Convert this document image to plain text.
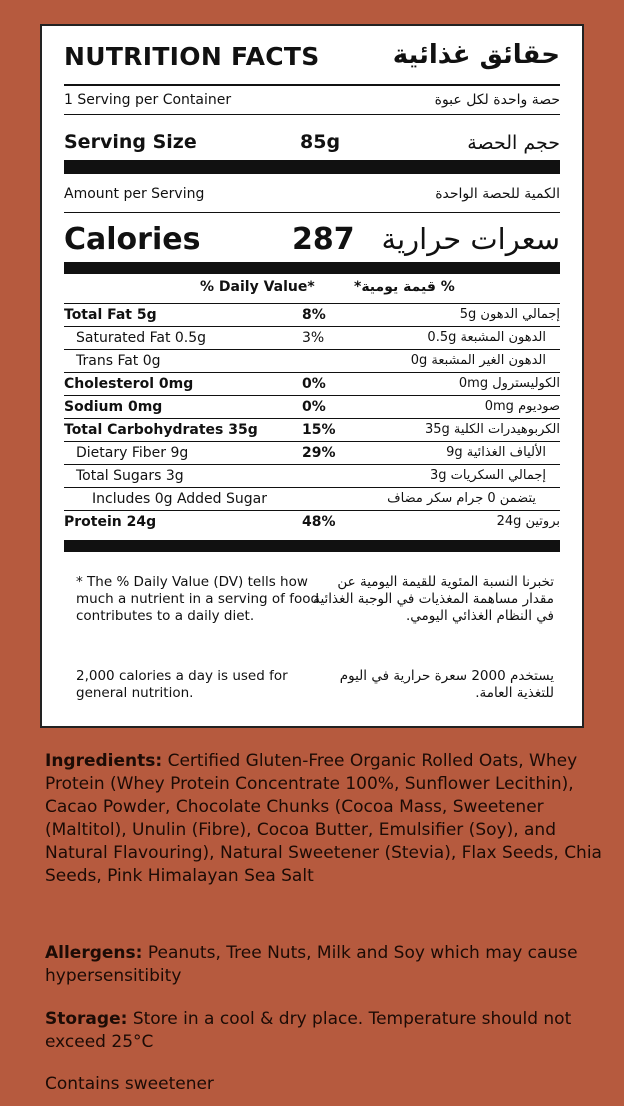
NUTRITION FACTS	حقائق غذائية
1 Serving per Container	حصة واحدة لكل عبوة
Serving Size	85g	حجم الحصة
Amount per Serving	الكمية للحصة الواحدة
Calories	287 سعرات حرارية
% Daily Value*	% قيمة يومية*
Total Fat 5g	8%	إجمالي الدهون 5g
Saturated Fat 0.5g	3%	الدهون المشبعة 0.5g
Trans Fat 0g	الدهون الغير المشبعة 0g
Cholesterol 0mg	0%	الكوليسترول 0mg
Sodium 0mg	0%	صوديوم 0mg
Total Carbohydrates 35g	15%	الكربوهيدرات الكلية 35g
Dietary Fiber 9g	29%	الألياف الغذائية 9g
Total Sugars 3g	إجمالي السكريات 3g
Includes 0g Added Sugar	يتضمن 0 جرام سكر مضاف
Protein 24g	48%	بروتين 24g
* The % Daily Value (DV) tells how much a nutrient in a serving of food contributes to a daily diet.
تخبرنا النسبة المئوية للقيمة اليومية عن مقدار مساهمة المغذيات في الوجبة الغذائية في النظام الغذائي اليومي.
2,000 calories a day is used for general nutrition.
يستخدم 2000 سعرة حرارية في اليوم للتغذية العامة.
Ingredients: Certified Gluten-Free Organic Rolled Oats, Whey Protein (Whey Protein Concentrate 100%, Sunflower Lecithin), Cacao Powder, Chocolate Chunks (Cocoa Mass, Sweetener (Maltitol), Unulin (Fibre), Cocoa Butter, Emulsifier (Soy), and Natural Flavouring), Natural Sweetener (Stevia), Flax Seeds, Chia Seeds, Pink Himalayan Sea Salt
Allergens: Peanuts, Tree Nuts, Milk and Soy which may cause hypersensitibity
Storage: Store in a cool & dry place. Temperature should not exceed 25°C
Contains sweetener
